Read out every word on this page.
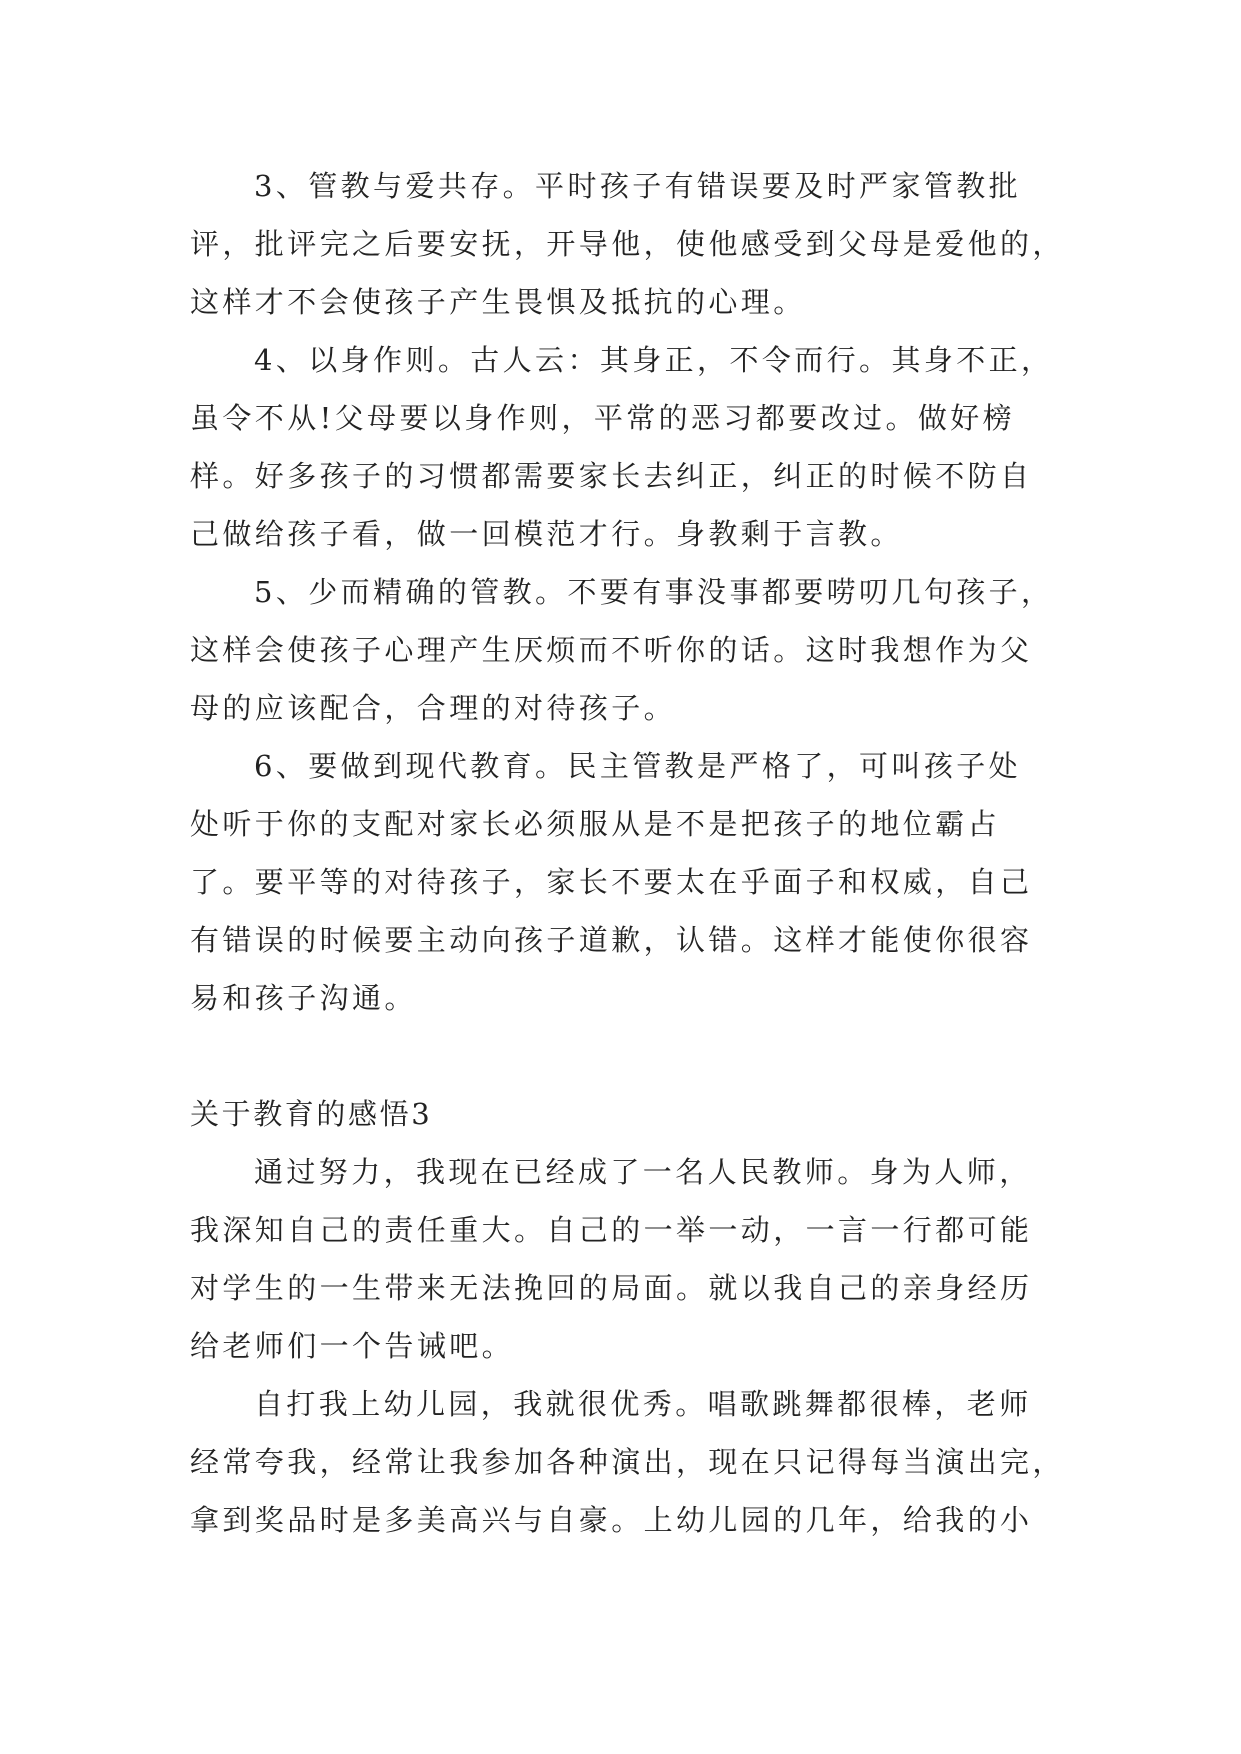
3、管教与爱共存。平时孩子有错误要及时严家管教批
评，批评完之后要安抚，开导他，使他感受到父母是爱他的，
这样才不会使孩子产生畏惧及抵抗的心理。
4、以身作则。古人云：其身正，不令而行。其身不正，
虽令不从!父母要以身作则，平常的恶习都要改过。做好榜
样。好多孩子的习惯都需要家长去纠正，纠正的时候不防自
己做给孩子看，做一回模范才行。身教剩于言教。
5、少而精确的管教。不要有事没事都要唠叨几句孩子，
这样会使孩子心理产生厌烦而不听你的话。这时我想作为父
母的应该配合，合理的对待孩子。
6、要做到现代教育。民主管教是严格了，可叫孩子处
处听于你的支配对家长必须服从是不是把孩子的地位霸占
了。要平等的对待孩子，家长不要太在乎面子和权威，自己
有错误的时候要主动向孩子道歉，认错。这样才能使你很容
易和孩子沟通。
关于教育的感悟3
通过努力，我现在已经成了一名人民教师。身为人师，
我深知自己的责任重大。自己的一举一动，一言一行都可能
对学生的一生带来无法挽回的局面。就以我自己的亲身经历
给老师们一个告诫吧。
自打我上幼儿园，我就很优秀。唱歌跳舞都很棒，老师
经常夸我，经常让我参加各种演出，现在只记得每当演出完，
拿到奖品时是多美高兴与自豪。上幼儿园的几年，给我的小
